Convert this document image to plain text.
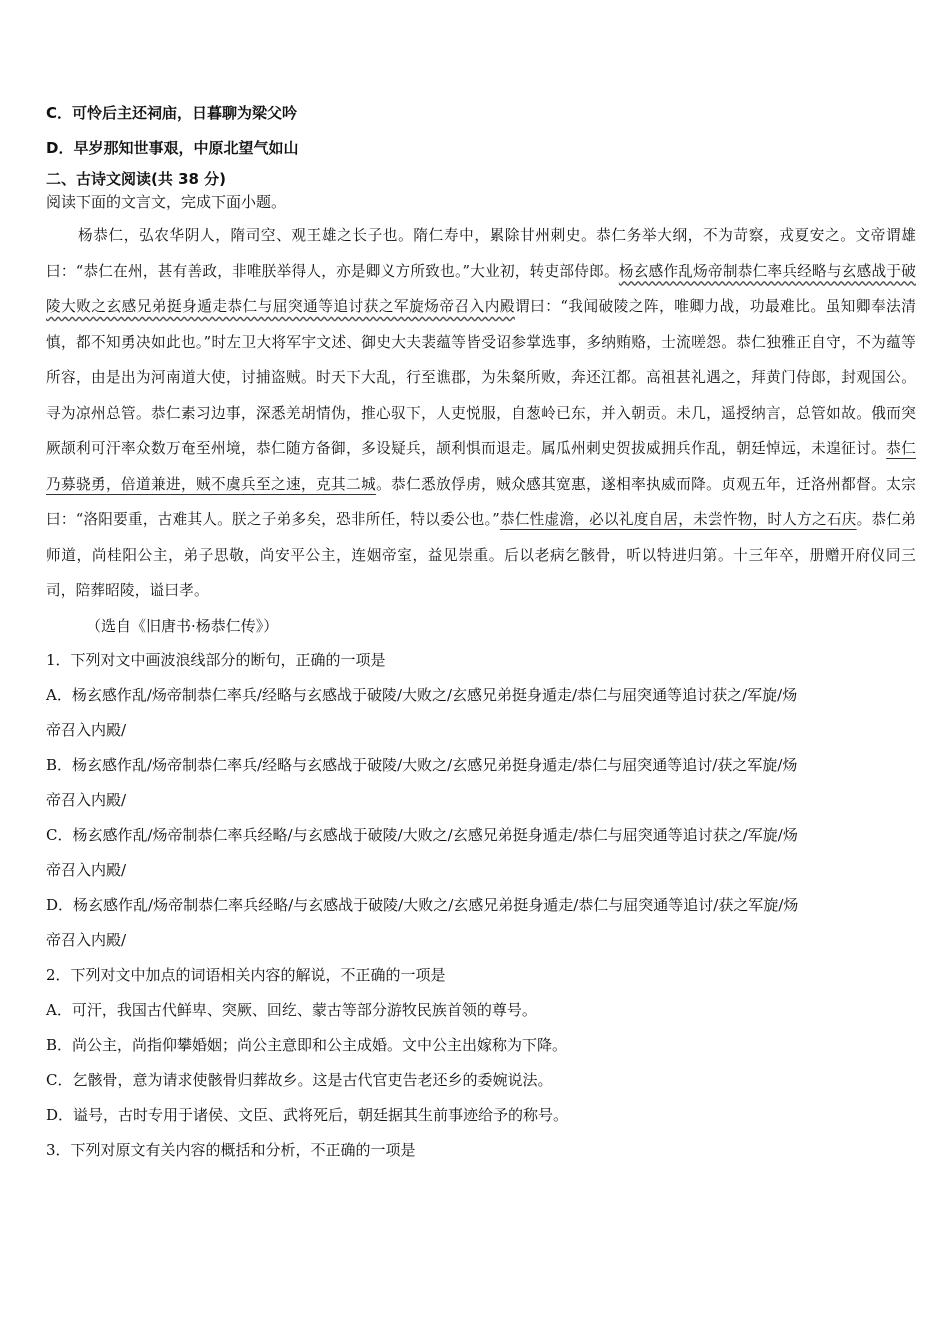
C．可怜后主还祠庙，日暮聊为梁父吟
D．早岁那知世事艰，中原北望气如山
二、古诗文阅读(共 38 分)
阅读下面的文言文，完成下面小题。
杨恭仁，弘农华阴人，隋司空、观王雄之长子也。隋仁寿中，累除甘州刺史。恭仁务举大纲，不为苛察，戎夏安之。文帝谓雄曰：“恭仁在州，甚有善政，非唯朕举得人，亦是卿义方所致也。”大业初，转吏部侍郎。杨玄感作乱炀帝制恭仁率兵经略与玄感战于破陵大败之玄感兄弟挺身遁走恭仁与屈突通等追讨获之军旋炀帝召入内殿谓曰：“我闻破陵之阵，唯卿力战，功最难比。虽知卿奉法清慎，都不知勇决如此也。”时左卫大将军宇文述、御史大夫裴蕴等皆受诏参掌选事，多纳贿赂，士流嗟怨。恭仁独雅正自守，不为蕴等所容，由是出为河南道大使，讨捕盗贼。时天下大乱，行至谯郡，为朱粲所败，奔还江都。高祖甚礼遇之，拜黄门侍郎，封观国公。寻为凉州总管。恭仁素习边事，深悉羌胡情伪，推心驭下，人吏悦服，自葱岭已东，并入朝贡。未几，遥授纳言，总管如故。俄而突厥颉利可汗率众数万奄至州境，恭仁随方备御，多设疑兵，颉利惧而退走。属瓜州刺史贺拔威拥兵作乱，朝廷悼远，未遑征讨。恭仁乃募骁勇，倍道兼进，贼不虞兵至之速，克其二城。恭仁悉放俘虏，贼众感其宽惠，遂相率执威而降。贞观五年，迁洛州都督。太宗曰：“洛阳要重，古难其人。朕之子弟多矣，恐非所任，特以委公也。”恭仁性虚澹，必以礼度自居，未尝忤物，时人方之石庆。恭仁弟师道，尚桂阳公主，弟子思敬，尚安平公主，连姻帝室，益见崇重。后以老病乞骸骨，听以特进归第。十三年卒，册赠开府仪同三司，陪葬昭陵，谥曰孝。
（选自《旧唐书·杨恭仁传》）
1．下列对文中画波浪线部分的断句，正确的一项是
A．杨玄感作乱/炀帝制恭仁率兵/经略与玄感战于破陵/大败之/玄感兄弟挺身遁走/恭仁与屈突通等追讨获之/军旋/炀
帝召入内殿/
B．杨玄感作乱/炀帝制恭仁率兵/经略与玄感战于破陵/大败之/玄感兄弟挺身遁走/恭仁与屈突通等追讨/获之军旋/炀
帝召入内殿/
C．杨玄感作乱/炀帝制恭仁率兵经略/与玄感战于破陵/大败之/玄感兄弟挺身遁走/恭仁与屈突通等追讨获之/军旋/炀
帝召入内殿/
D．杨玄感作乱/炀帝制恭仁率兵经略/与玄感战于破陵/大败之/玄感兄弟挺身遁走/恭仁与屈突通等追讨/获之军旋/炀
帝召入内殿/
2．下列对文中加点的词语相关内容的解说，不正确的一项是
A．可汗，我国古代鲜卑、突厥、回纥、蒙古等部分游牧民族首领的尊号。
B．尚公主，尚指仰攀婚姻；尚公主意即和公主成婚。文中公主出嫁称为下降。
C．乞骸骨，意为请求使骸骨归葬故乡。这是古代官吏告老还乡的委婉说法。
D．谥号，古时专用于诸侯、文臣、武将死后，朝廷据其生前事迹给予的称号。
3．下列对原文有关内容的概括和分析，不正确的一项是
